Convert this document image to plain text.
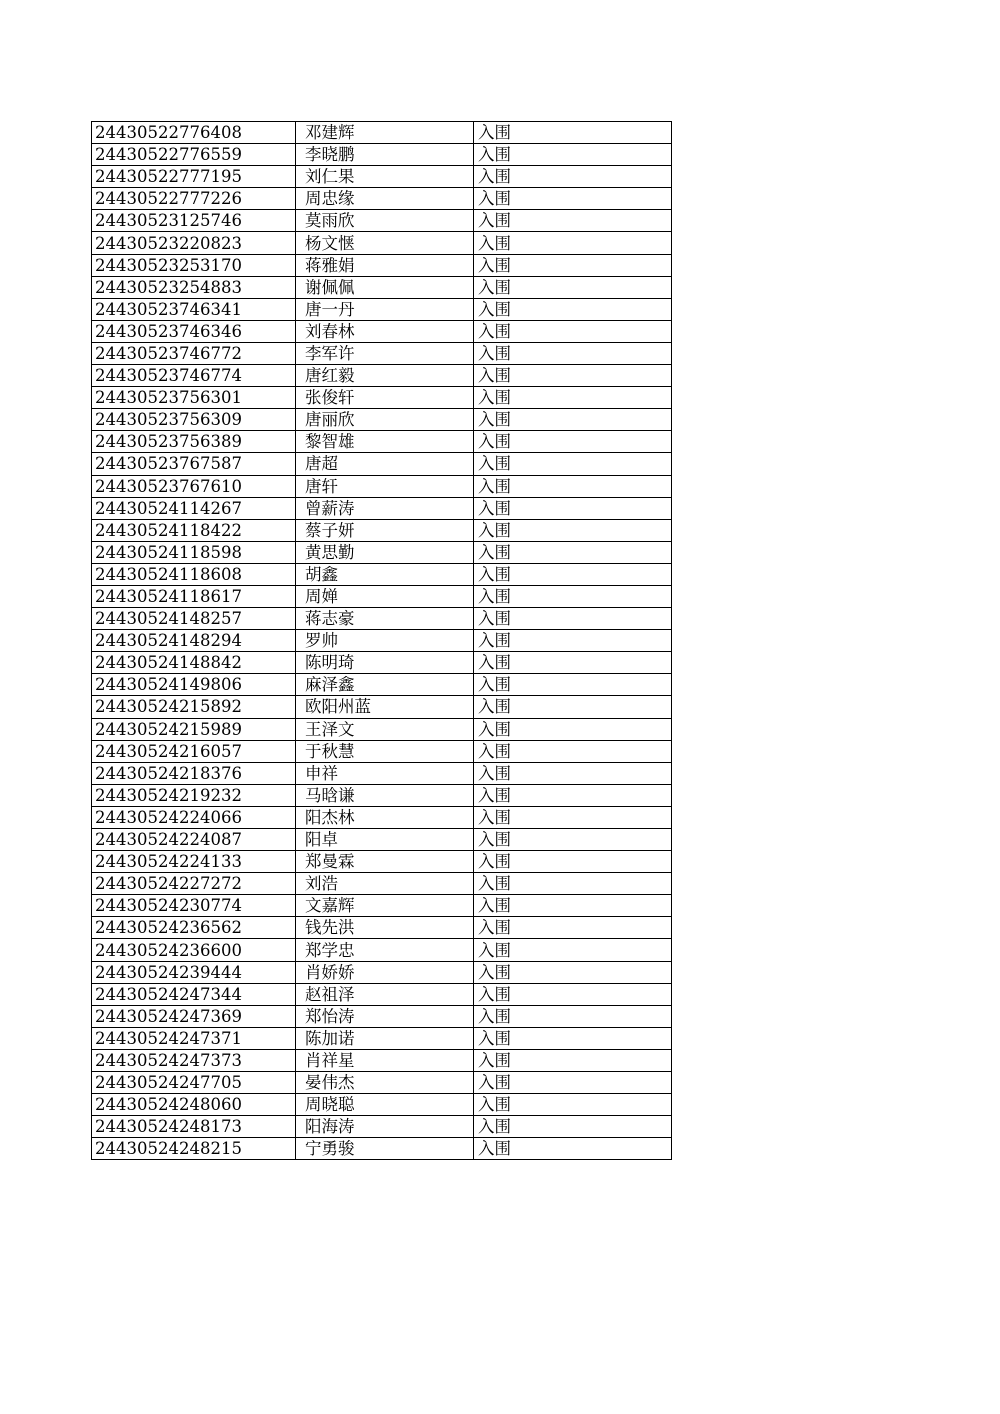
24430522776408	邓建辉	入围
24430522776559	李晓鹏	入围
24430522777195	刘仁果	入围
24430522777226	周忠缘	入围
24430523125746	莫雨欣	入围
24430523220823	杨文惬	入围
24430523253170	蒋雅娟	入围
24430523254883	谢佩佩	入围
24430523746341	唐一丹	入围
24430523746346	刘春林	入围
24430523746772	李军许	入围
24430523746774	唐红毅	入围
24430523756301	张俊轩	入围
24430523756309	唐丽欣	入围
24430523756389	黎智雄	入围
24430523767587	唐超	入围
24430523767610	唐轩	入围
24430524114267	曾薪涛	入围
24430524118422	蔡子妍	入围
24430524118598	黄思勤	入围
24430524118608	胡鑫	入围
24430524118617	周婵	入围
24430524148257	蒋志豪	入围
24430524148294	罗帅	入围
24430524148842	陈明琦	入围
24430524149806	麻泽鑫	入围
24430524215892	欧阳州蓝	入围
24430524215989	王泽文	入围
24430524216057	于秋慧	入围
24430524218376	申祥	入围
24430524219232	马晗谦	入围
24430524224066	阳杰林	入围
24430524224087	阳卓	入围
24430524224133	郑曼霖	入围
24430524227272	刘浩	入围
24430524230774	文嘉辉	入围
24430524236562	钱先洪	入围
24430524236600	郑学忠	入围
24430524239444	肖娇娇	入围
24430524247344	赵祖泽	入围
24430524247369	郑怡涛	入围
24430524247371	陈加诺	入围
24430524247373	肖祥星	入围
24430524247705	晏伟杰	入围
24430524248060	周晓聪	入围
24430524248173	阳海涛	入围
24430524248215	宁勇骏	入围
